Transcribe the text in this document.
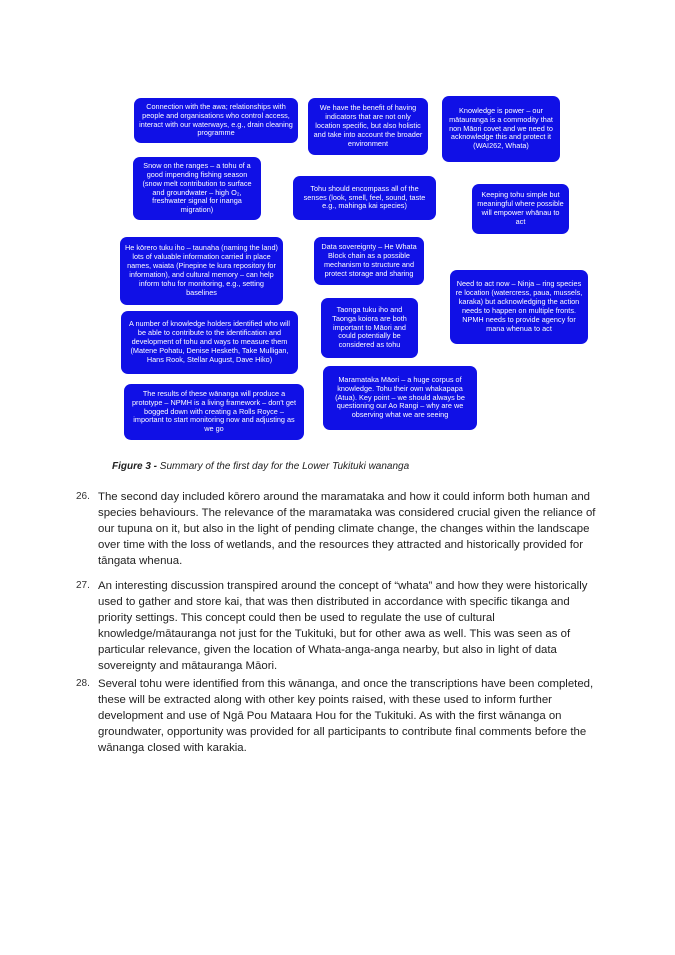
Connection with the awa; relationships with people and organisations who control access, interact with our waterways, e.g., drain cleaning programme
We have the benefit of having indicators that are not only location specific, but also holistic and take into account the broader environment
Knowledge is power – our mātauranga is a commodity that non Māori covet and we need to acknowledge this and protect it (WAI262, Whata)
Snow on the ranges – a tohu of a good impending fishing season (snow melt contribution to surface and groundwater – high O₂, freshwater signal for inanga migration)
Tohu should encompass all of the senses (look, smell, feel, sound, taste e.g., mahinga kai species)
Keeping tohu simple but meaningful where possible will empower whānau to act
He kōrero tuku iho – taunaha (naming the land) lots of valuable information carried in place names, waiata (Pinepine te kura repository for information), and cultural memory – can help inform tohu for monitoring, e.g., setting baselines
Data sovereignty – He Whata Block chain as a possible mechanism to structure and protect storage and sharing
Need to act now – Ninja – ring species re location (watercress, paua, mussels, karaka) but acknowledging the action needs to happen on multiple fronts. NPMH needs to provide agency for mana whenua to act
Taonga tuku iho and Taonga koiora are both important to Māori and could potentially be considered as tohu
A number of knowledge holders identified who will be able to contribute to the identification and development of tohu and ways to measure them (Matene Pohatu, Denise Hesketh, Take Mulligan, Hans Rook, Stellar August, Dave Hiko)
Maramataka Māori – a huge corpus of knowledge. Tohu their own whakapapa (Atua). Key point – we should always be questioning our Ao Rangi – why are we observing what we are seeing
The results of these wānanga will produce a prototype – NPMH is a living framework – don't get bogged down with creating a Rolls Royce – important to start monitoring now and adjusting as we go
Figure 3 - Summary of the first day for the Lower Tukituki wananga
26. The second day included kōrero around the maramataka and how it could inform both human and species behaviours. The relevance of the maramataka was considered crucial given the reliance of our tupuna on it, but also in the light of pending climate change, the changes within the landscape over time with the loss of wetlands, and the resources they attracted and historically provided for tāngata whenua.
27. An interesting discussion transpired around the concept of “whata” and how they were historically used to gather and store kai, that was then distributed in accordance with specific tikanga and priority settings. This concept could then be used to regulate the use of cultural knowledge/mātauranga not just for the Tukituki, but for other awa as well. This was seen as of particular relevance, given the location of Whata-anga-anga nearby, but also in light of data sovereignty and mātauranga Māori.
28. Several tohu were identified from this wānanga, and once the transcriptions have been completed, these will be extracted along with other key points raised, with these used to inform further development and use of Ngā Pou Mataara Hou for the Tukituki. As with the first wānanga on groundwater, opportunity was provided for all participants to contribute final comments before the wānanga closed with karakia.
